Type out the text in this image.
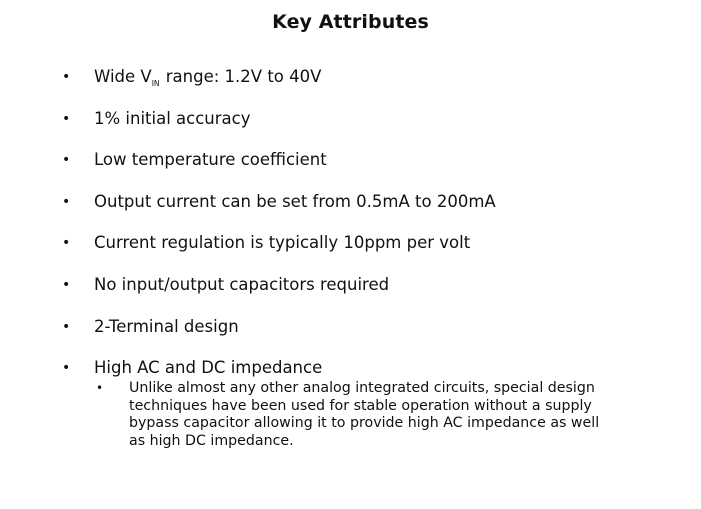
Key Attributes
•	Wide $V_{IN}$ range: 1.2V to 40V
•	1% initial accuracy
•	Low temperature coefficient
•	Output current can be set from 0.5mA to 200mA
•	Current regulation is typically 10ppm per volt
•	No input/output capacitors required
•	2-Terminal design
•	High AC and DC impedance
• Unlike almost any other analog integrated circuits, special design techniques have been used for stable operation without a supply bypass capacitor allowing it to provide high AC impedance as well as high DC impedance.
